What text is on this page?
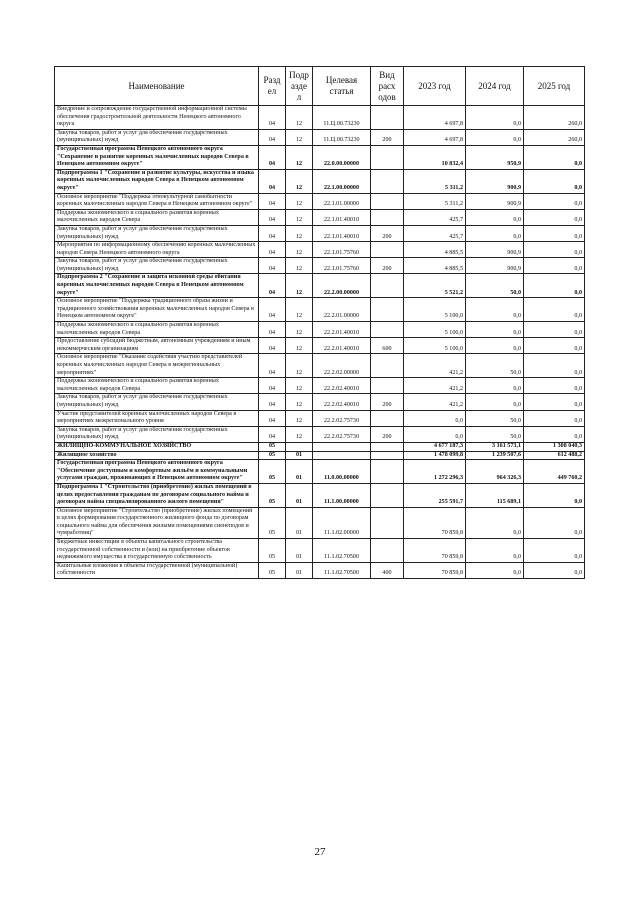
Наименование	Разд ел	Подр азде л	Целевая статья	Вид расх одов	2023 год	2024 год	2025 год
Внедрение и сопровождение государственной информационной системы обеспечения градостроительной деятельности Ненецкого автономного округа	04	12	11.Ц.00.73230		4 697,8	0,0	260,0
Закупка товаров, работ и услуг для обеспечения государственных (муниципальных) нужд	04	12	11.Ц.00.73230	200	4 697,8	0,0	260,0
Государственная программа Ненецкого автономного округа "Сохранение и развитие коренных малочисленных народов Севера в Ненецком автономном округе"	04	12	22.0.00.00000		10 832,4	950,9	0,0
Подпрограмма 1 "Сохранение и развитие культуры, искусства и языка коренных малочисленных народов Севера в Ненецком автономном округе"	04	12	22.1.00.00000		5 311,2	900,9	0,0
Основное мероприятие "Поддержка этнокультурной самобытности коренных малочисленных народов Севера в Ненецком автономном округе"	04	12	22.1.01.00000		5 311,2	900,9	0,0
Поддержка экономического и социального развития коренных малочисленных народов Севера	04	12	22.1.01.40010		425,7	0,0	0,0
Закупка товаров, работ и услуг для обеспечения государственных (муниципальных) нужд	04	12	22.1.01.40010	200	425,7	0,0	0,0
Мероприятия по информационному обеспечению коренных малочисленных народов Севера Ненецкого автономного округа	04	12	22.1.01.75760		4 885,5	900,9	0,0
Закупка товаров, работ и услуг для обеспечения государственных (муниципальных) нужд	04	12	22.1.01.75760	200	4 885,5	900,9	0,0
Подпрограмма 2 "Сохранение и защита исконной среды обитания коренных малочисленных народов Севера в Ненецком автономном округе"	04	12	22.2.00.00000		5 521,2	50,0	0,0
Основное мероприятие "Поддержка традиционного образа жизни и традиционного хозяйствования коренных малочисленных народов Севера в Ненецком автономном округе"	04	12	22.2.01.00000		5 100,0	0,0	0,0
Поддержка экономического и социального развития коренных малочисленных народов Севера	04	12	22.2.01.40010		5 100,0	0,0	0,0
Предоставление субсидий бюджетным, автономным учреждениям и иным некоммерческим организациям	04	12	22.2.01.40010	600	5 100,0	0,0	0,0
Основное мероприятие "Оказание содействия участию представителей коренных малочисленных народов Севера в межрегиональных мероприятиях"	04	12	22.2.02.00000		421,2	50,0	0,0
Поддержка экономического и социального развития коренных малочисленных народов Севера	04	12	22.2.02.40010		421,2	0,0	0,0
Закупка товаров, работ и услуг для обеспечения государственных (муниципальных) нужд	04	12	22.2.02.40010	200	421,2	0,0	0,0
Участие представителей коренных малочисленных народов Севера в мероприятиях межрегионального уровня	04	12	22.2.02.75730		0,0	50,0	0,0
Закупка товаров, работ и услуг для обеспечения государственных (муниципальных) нужд	04	12	22.2.02.75730	200	0,0	50,0	0,0
ЖИЛИЩНО-КОММУНАЛЬНОЕ ХОЗЯЙСТВО	05				4 677 187,3	3 161 573,1	1 308 040,3
Жилищное хозяйство	05	01			1 478 099,8	1 239 507,6	612 488,2
Государственная программа Ненецкого автономного округа "Обеспечение доступным и комфортным жильём и коммунальными услугами граждан, проживающих в Ненецком автономном округе"	05	01	11.0.00.00000		1 272 296,3	964 326,3	449 760,2
Подпрограмма 1 "Строительство (приобретение) жилых помещений в целях предоставления гражданам по договорам социального найма и договорам найма специализированного жилого помещения"	05	01	11.1.00.00000		255 591,7	115 689,1	0,0
Основное мероприятие "Строительство (приобретение) жилых помещений в целях формирования государственного жилищного фонда по договорам социального найма для обеспечения жилыми помещениями сиенеподов и чумработниц"	05	01	11.1.02.00000		70 859,8	0,0	0,0
Бюджетные инвестиции в объекты капитального строительства государственной собственности и (или) на приобретение объектов недвижимого имущества в государственную собственность	05	01	11.1.02.70500		70 859,8	0,0	0,0
Капитальные вложения в объекты государственной (муниципальной) собственности	05	01	11.1.02.70500	400	70 859,8	0,0	0,0
27
